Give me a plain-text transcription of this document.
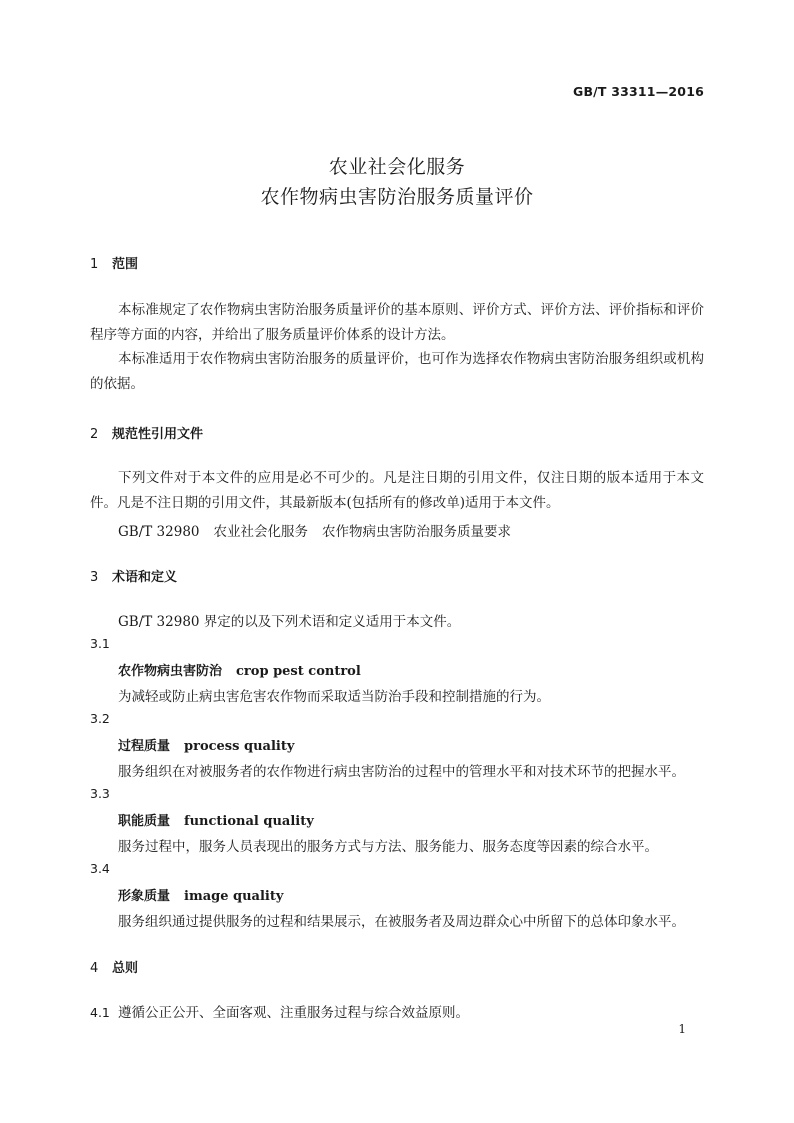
GB/T 33311—2016
农业社会化服务
农作物病虫害防治服务质量评价
1 范围
本标准规定了农作物病虫害防治服务质量评价的基本原则、评价方式、评价方法、评价指标和评价程序等方面的内容，并给出了服务质量评价体系的设计方法。
本标准适用于农作物病虫害防治服务的质量评价，也可作为选择农作物病虫害防治服务组织或机构的依据。
2 规范性引用文件
下列文件对于本文件的应用是必不可少的。凡是注日期的引用文件，仅注日期的版本适用于本文件。凡是不注日期的引用文件，其最新版本(包括所有的修改单)适用于本文件。
GB/T 32980 农业社会化服务 农作物病虫害防治服务质量要求
3 术语和定义
GB/T 32980 界定的以及下列术语和定义适用于本文件。
3.1
农作物病虫害防治 crop pest control
为减轻或防止病虫害危害农作物而采取适当防治手段和控制措施的行为。
3.2
过程质量 process quality
服务组织在对被服务者的农作物进行病虫害防治的过程中的管理水平和对技术环节的把握水平。
3.3
职能质量 functional quality
服务过程中，服务人员表现出的服务方式与方法、服务能力、服务态度等因素的综合水平。
3.4
形象质量 image quality
服务组织通过提供服务的过程和结果展示，在被服务者及周边群众心中所留下的总体印象水平。
4 总则
4.1 遵循公正公开、全面客观、注重服务过程与综合效益原则。
1
